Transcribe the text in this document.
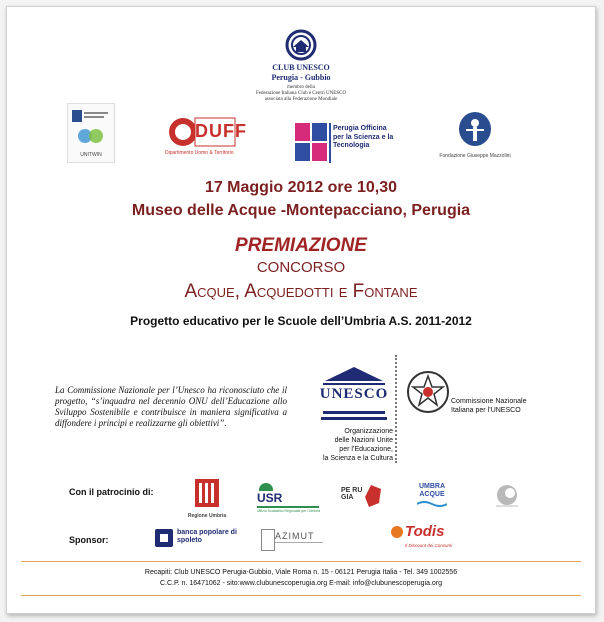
CLUB UNESCO
Perugia - Gubbio
membro della
Federazione Italiana Club e Centri UNESCO
associata alla Federazione Mondiale
UNITWIN
DUFF
Dipartimento Uomo & Territorio
Perugia Officina per la Scienza e la Tecnologia
Fondazione Giuseppe Mazzolini
17 Maggio 2012 ore 10,30
Museo delle Acque -Montepacciano, Perugia
PREMIAZIONE
CONCORSO
Acque, Acquedotti e Fontane
Progetto educativo per le Scuole dell’Umbria A.S. 2011-2012
La Commissione Nazionale per l’Unesco ha riconosciuto che il progetto, “s’inquadra nel decennio ONU dell’Educazione allo Sviluppo Sostenibile e contribuisce in maniera significativa a diffondere i principi e realizzarne gli obiettivi”.
UNESCO
Organizzazione
delle Nazioni Unite
per l’Educazione,
la Scienza e la Cultura
Commissione Nazionale
Italiana per l’UNESCO
Con il patrocinio di:
Regione Umbria
USR
Ufficio Scolastico Regionale per l’Umbria
PE RU GIA
UMBRA ACQUE
Sponsor:
banca popolare di spoleto	AZIMUT	Todis
Il Discount dei Consumi
Recapiti: Club UNESCO Perugia-Gubbio, Viale Roma n. 15 - 06121 Perugia Italia - Tel. 349 1002556
C.C.P. n. 16471062 - sito:www.clubunescoperugia.org E-mail: info@clubunescoperugia.org
